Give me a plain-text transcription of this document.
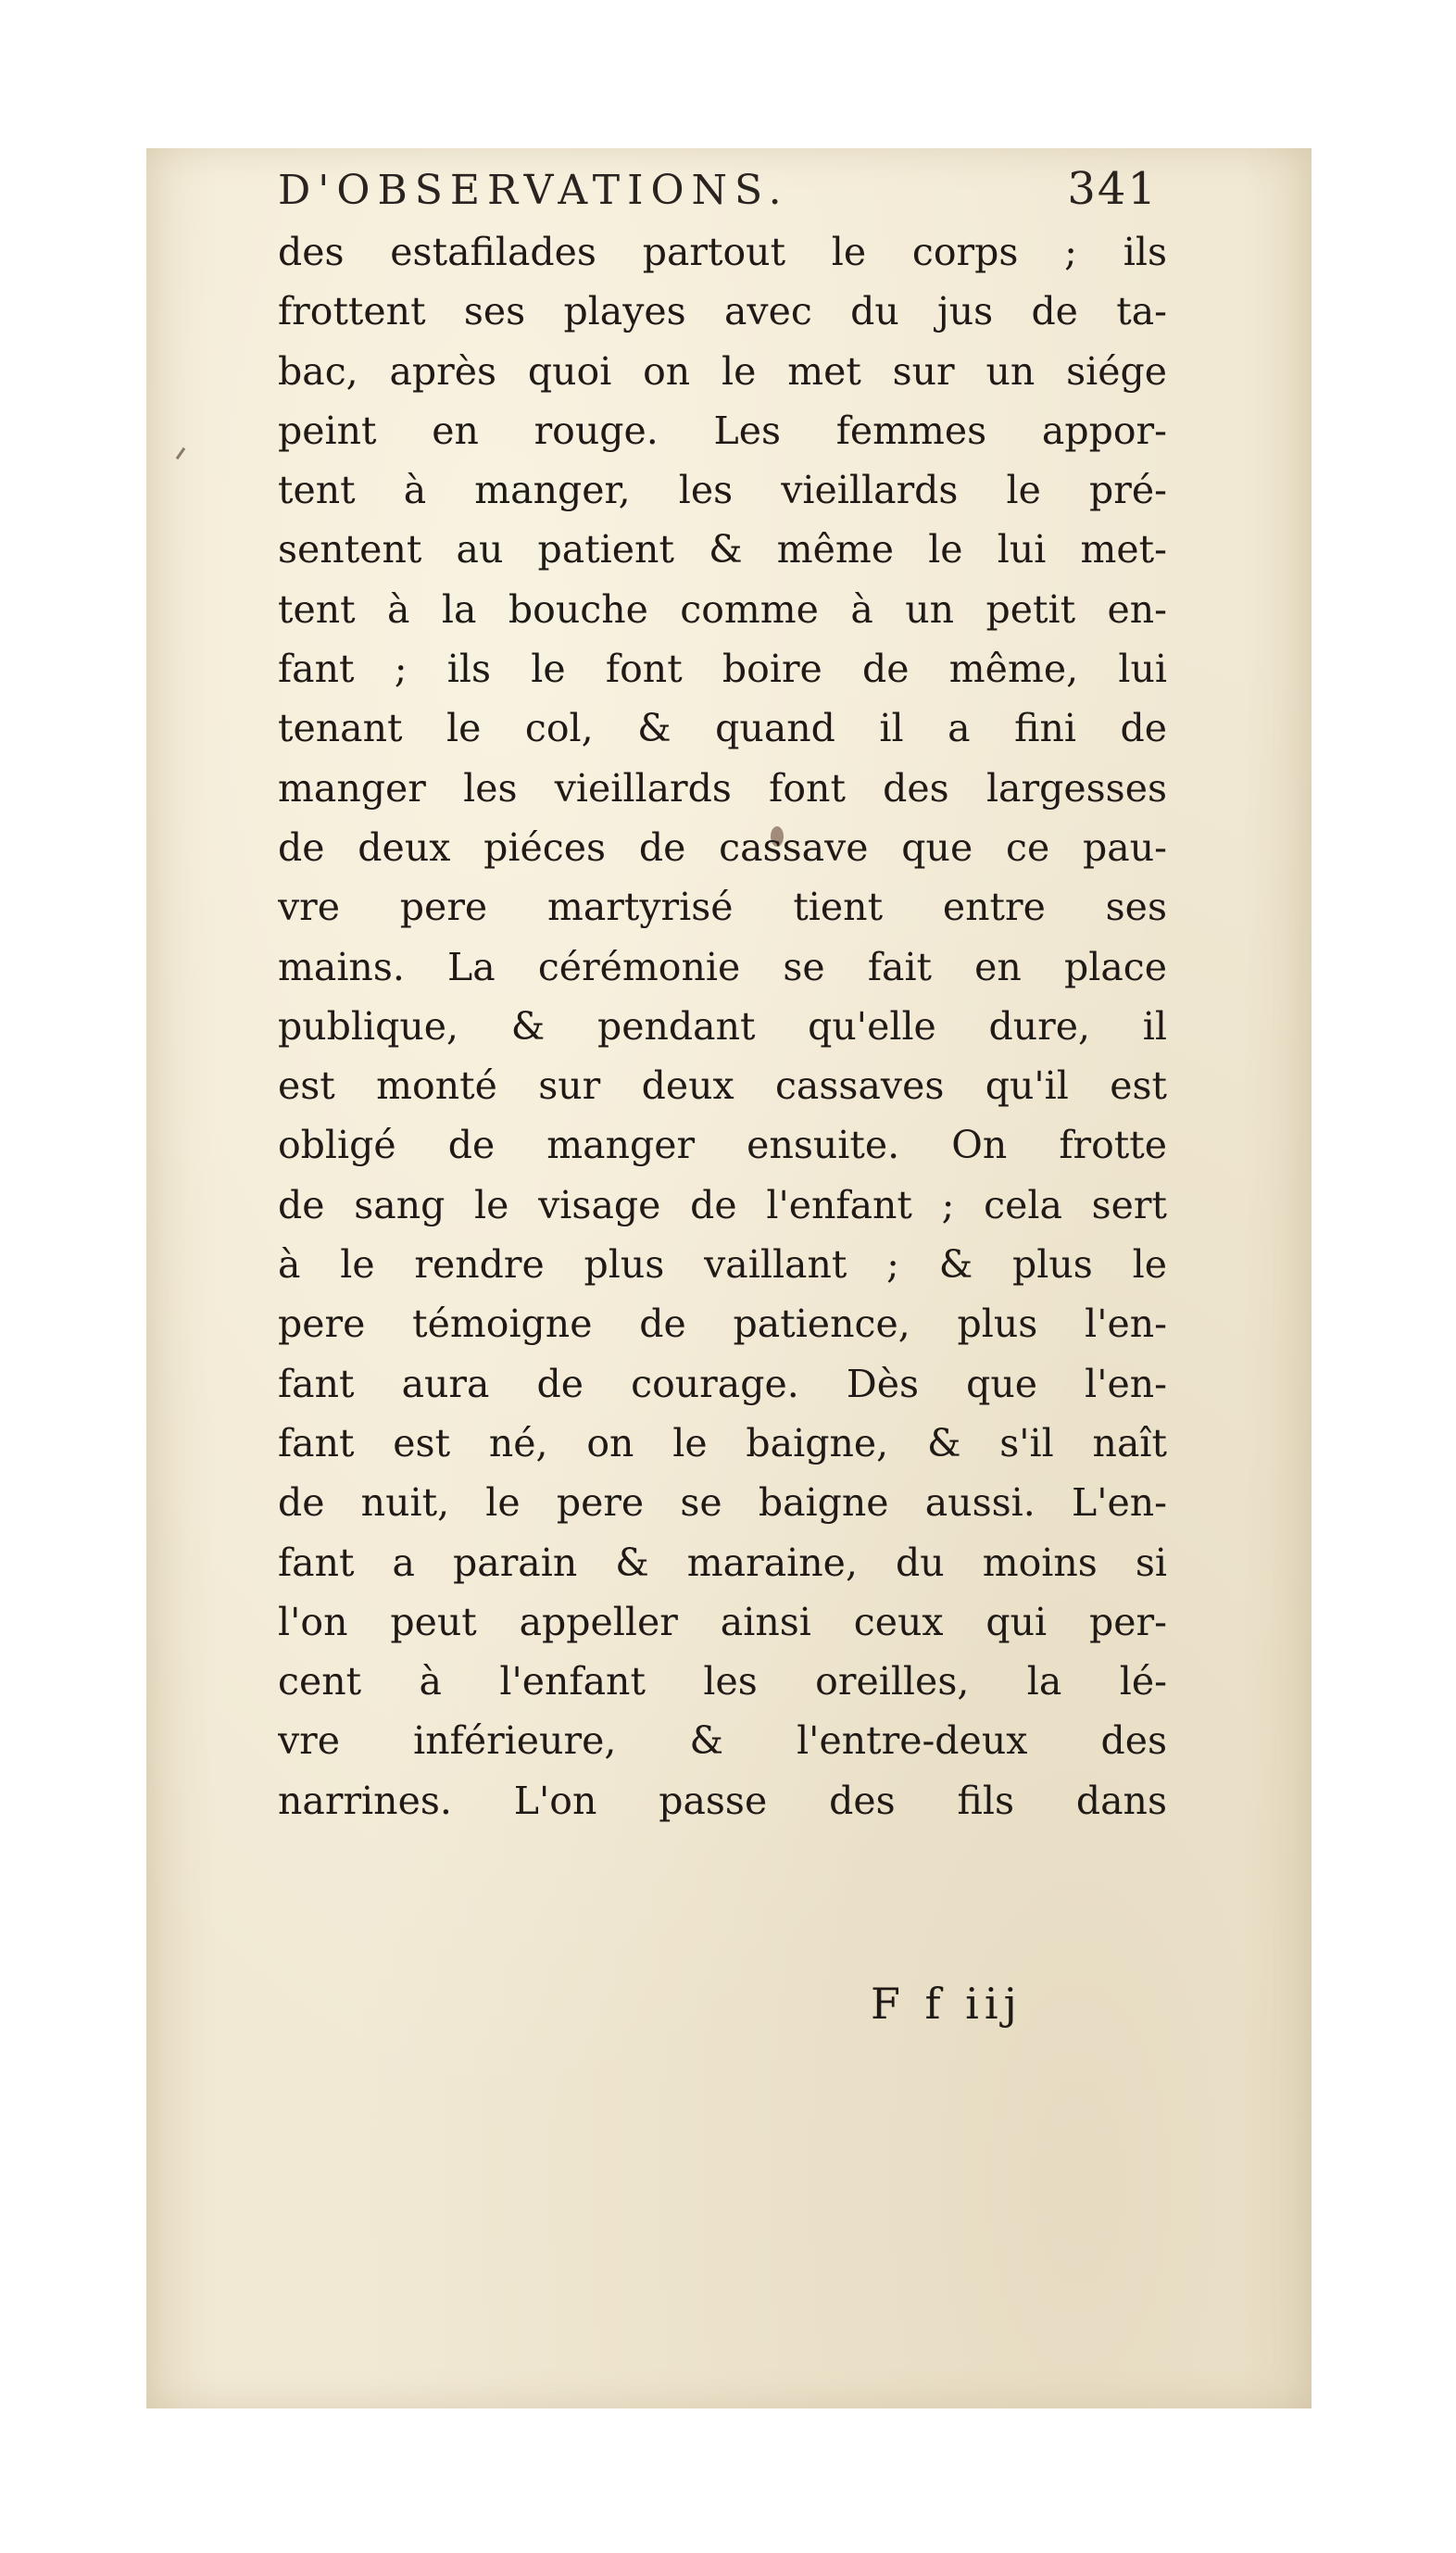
D'OBSERVATIONS.	341
des estafilades partout le corps ; ils
frottent ses playes avec du jus de ta-
bac, après quoi on le met sur un siége
peint en rouge. Les femmes appor-
tent à manger, les vieillards le pré-
sentent au patient & même le lui met-
tent à la bouche comme à un petit en-
fant ; ils le font boire de même, lui
tenant le col, & quand il a fini de
manger les vieillards font des largesses
de deux piéces de cassave que ce pau-
vre pere martyrisé tient entre ses
mains. La cérémonie se fait en place
publique, & pendant qu'elle dure, il
est monté sur deux cassaves qu'il est
obligé de manger ensuite. On frotte
de sang le visage de l'enfant ; cela sert
à le rendre plus vaillant ; & plus le
pere témoigne de patience, plus l'en-
fant aura de courage. Dès que l'en-
fant est né, on le baigne, & s'il naît
de nuit, le pere se baigne aussi. L'en-
fant a parain & maraine, du moins si
l'on peut appeller ainsi ceux qui per-
cent à l'enfant les oreilles, la lé-
vre inférieure, & l'entre-deux des
narrines. L'on passe des fils dans
F f iij
